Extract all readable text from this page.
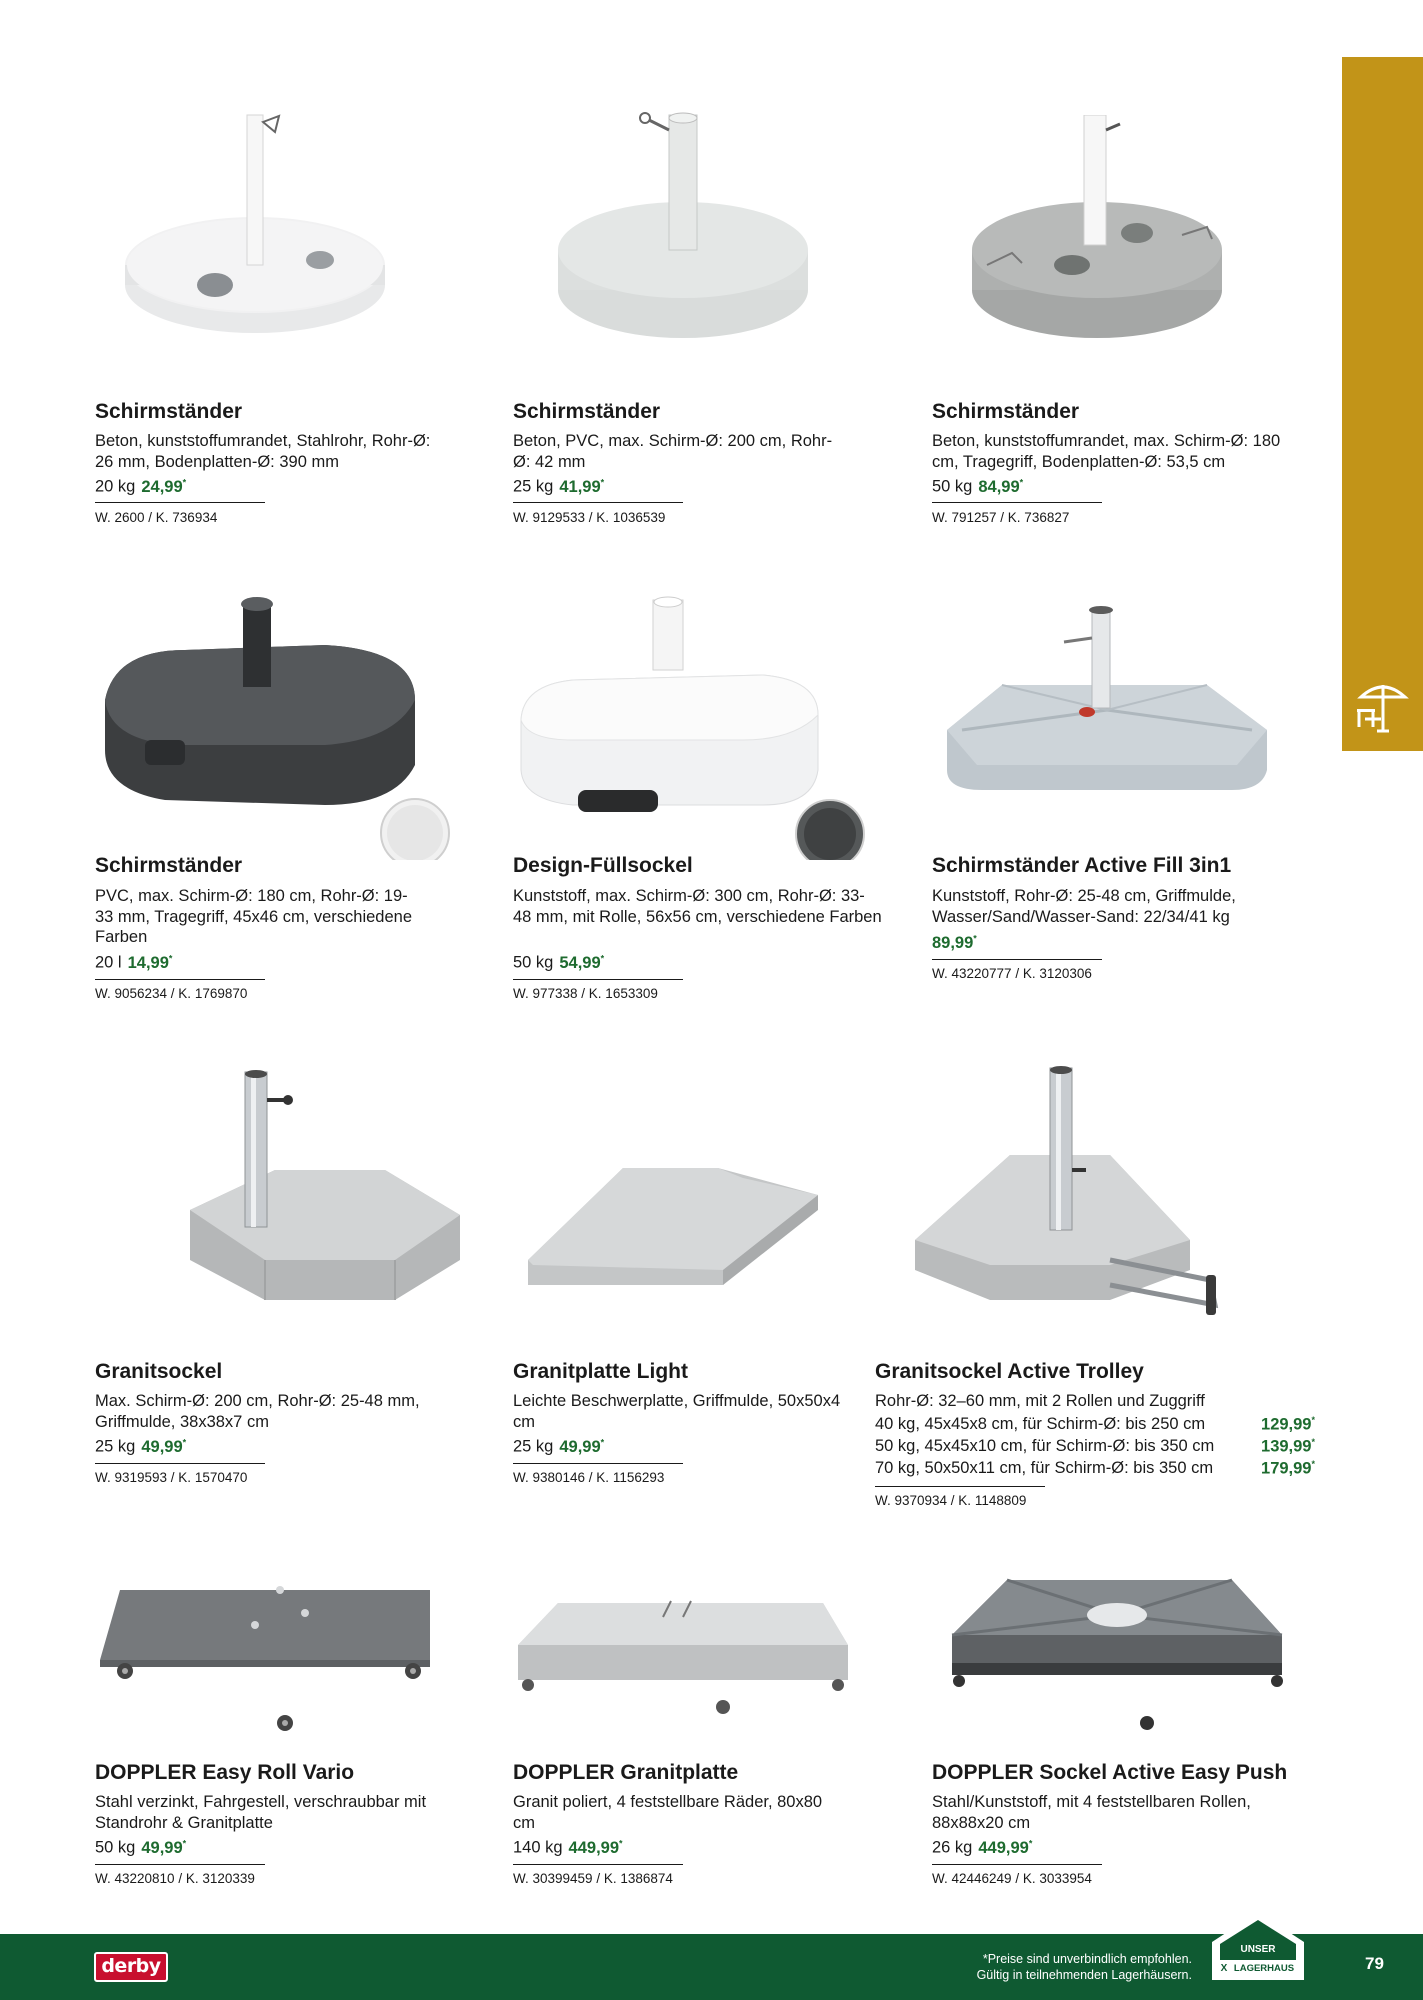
Schirmständer
Beton, kunststoffumrandet, Stahlrohr, Rohr-Ø: 26 mm, Bodenplatten-Ø: 390 mm
20 kg 24,99*
W. 2600 / K. 736934
Schirmständer
Beton, PVC, max. Schirm-Ø: 200 cm, Rohr-Ø: 42 mm
25 kg 41,99*
W. 9129533 / K. 1036539
Schirmständer
Beton, kunststoffumrandet, max. Schirm-Ø: 180 cm, Tragegriff, Bodenplatten-Ø: 53,5 cm
50 kg 84,99*
W. 791257 / K. 736827
Schirmständer
PVC, max. Schirm-Ø: 180 cm, Rohr-Ø: 19-33 mm, Tragegriff, 45x46 cm, verschiedene Farben
20 l 14,99*
W. 9056234 / K. 1769870
Design-Füllsockel
Kunststoff, max. Schirm-Ø: 300 cm, Rohr-Ø: 33-48 mm, mit Rolle, 56x56 cm, verschiedene Farben
50 kg 54,99*
W. 977338 / K. 1653309
Schirmständer Active Fill 3in1
Kunststoff, Rohr-Ø: 25-48 cm, Griffmulde, Wasser/Sand/Wasser-Sand: 22/34/41 kg
89,99*
W. 43220777 / K. 3120306
Granitsockel
Max. Schirm-Ø: 200 cm, Rohr-Ø: 25-48 mm, Griffmulde, 38x38x7 cm
25 kg 49,99*
W. 9319593 / K. 1570470
Granitplatte Light
Leichte Beschwerplatte, Griffmulde, 50x50x4 cm
25 kg 49,99*
W. 9380146 / K. 1156293
Granitsockel Active Trolley
Rohr-Ø: 32–60 mm, mit 2 Rollen und Zuggriff
40 kg, 45x45x8 cm, für Schirm-Ø: bis 250 cm	129,99*
50 kg, 45x45x10 cm, für Schirm-Ø: bis 350 cm	139,99*
70 kg, 50x50x11 cm, für Schirm-Ø: bis 350 cm	179,99*
W. 9370934 / K. 1148809
DOPPLER Easy Roll Vario
Stahl verzinkt, Fahrgestell, verschraubbar mit Standrohr & Granitplatte
50 kg 49,99*
W. 43220810 / K. 3120339
DOPPLER Granitplatte
Granit poliert, 4 feststellbare Räder, 80x80 cm
140 kg 449,99*
W. 30399459 / K. 1386874
DOPPLER Sockel Active Easy Push
Stahl/Kunststoff, mit 4 feststellbaren Rollen, 88x88x20 cm
26 kg 449,99*
W. 42446249 / K. 3033954
derby	*Preise sind unverbindlich empfohlen.
Gültig in teilnehmenden Lagerhäusern.
79
UNSER
LAGERHAUS
X
